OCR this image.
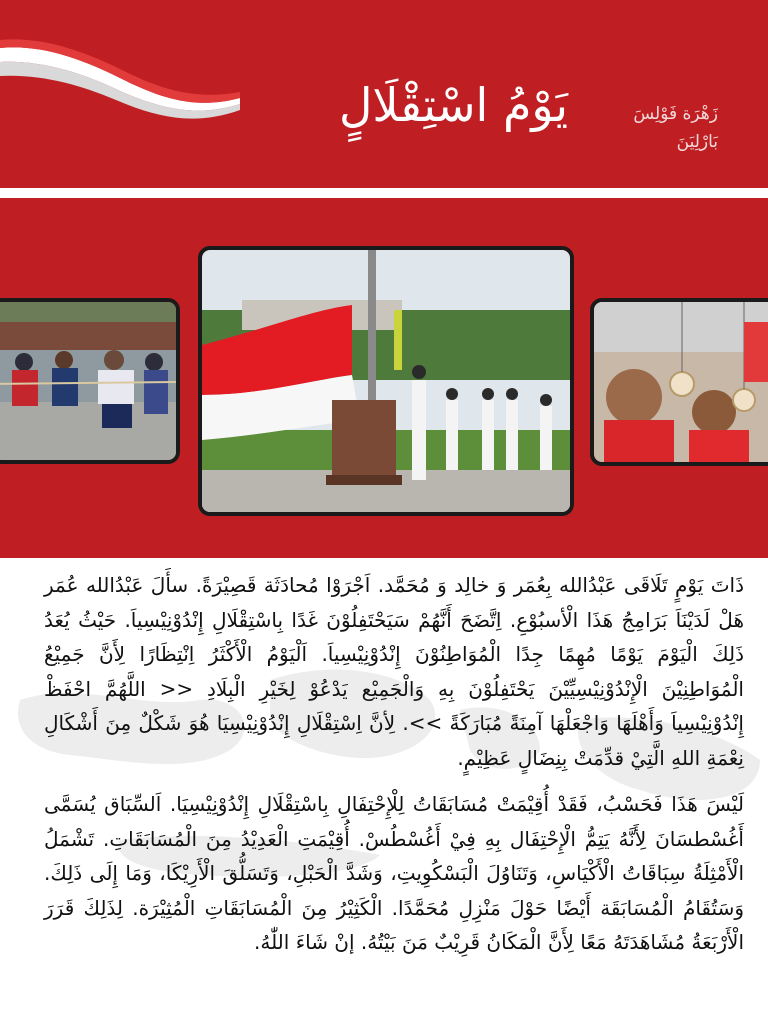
يَوْمُ اسْتِقْلَالٍ	زَهْرَة فَوْلِسَ
بَارْلِيَنَ

ذَاتَ يَوْمٍ تَلَاقَى عَبْدُالله بِعُمَر وَ خالِد وَ مُحَمَّد. اَجْرَوْا مُحادَثَة قَصِيْرَةً. سأَلَ عَبْدُالله عُمَر هَلْ لَدَيْنَاَ بَرَامِجُ هَذَا الْأسبُوْعِ. اِتَّضَحَ أَنَّهُمْ سَيَحْتَفِلُوْنَ غَدًا بِاسْتِقْلَالِ إِنْدُوْنِيْسِياَ. حَيْثُ يُعَدُ ذَلِكَ الْيَوْمَ يَوْمًا مُهِمًا جِدًا الْمُوَاطِنُوْنَ إِنْدُوْنِيْسِياَ. اَلْيَوْمُ الْأَكْثَرُ اِنْتِظَارًا لِأَنَّ جَمِيْعُ الْمُوَاطِنِيْنَ الْإِنْدُوْنِيْسِيِّيْنَ يَحْتَفِلُوْنَ بِهِ وَالْجَمِيْع يَدْعُوْ لِخَيْرِ الْبِلَادِ << اللَّهُمَّ احْفَظْ إِنْدُوْنِيْسِياَ وَأَهْلَهَا وَاجْعَلْهَا آمِنَةً مُبَارَكَةً >>. لِأنَّ اِسْتِقْلَالِ إِنْدُوْنِيْسِيَا هُوَ شَكْلٌ مِنَ أَشْكَالِ نِعْمَةِ اللهِ الَّتِيْ قدِّمَتْ بِنِضَالٍ عَظِيْمٍ.

لَيْسَ هَذَا فَحَسْبُ، فَقَدْ أُقِيْمَتْ مُسَابَقَاتُ لِلْإِحْتِفَالِ بِاسْتِقْلَالِ إِنْدُوْنِيْسِيَا. اَلسِّبَاق يُسَمَّى أَغُسْطسَانَ لِأَنَّهُ يَتِمُّ الْإِحْتِفَال بِهِ فِيْ أَغُسْطُسْ. أُقِيْمَتِ الْعَدِيْدُ مِنَ الْمُسَابَقَاتِ. تَشْمَلُ الْأَمْثِلَةُ سِبَاقَاتُ الْأَكْيَاسِ، وَتَنَاوُلَ الْبَسْكُوِيتِ، وَشَدَّ الْحَبْلِ، وَتَسَلُّقَ الْأَرِيْكَا، وَمَا إِلَى ذَلِكَ. وَسَتُقَامُ الْمُسَابَقَة أَيْضًا حَوْلَ مَنْزِلِ مُحَمَّدًا. الْكَثِيْرُ مِنَ الْمُسَابَقَاتِ الْمُثِيْرَة. لِذَلِكَ قَرَرَ الْأَرْبَعَةُ مُشَاهَدَتَهُ مَعًا لِأَنَّ الْمَكَانُ قَرِيْبٌ مَنَ بَيْتُهُ. إنْ شَاءَ اللّٰهُ.
